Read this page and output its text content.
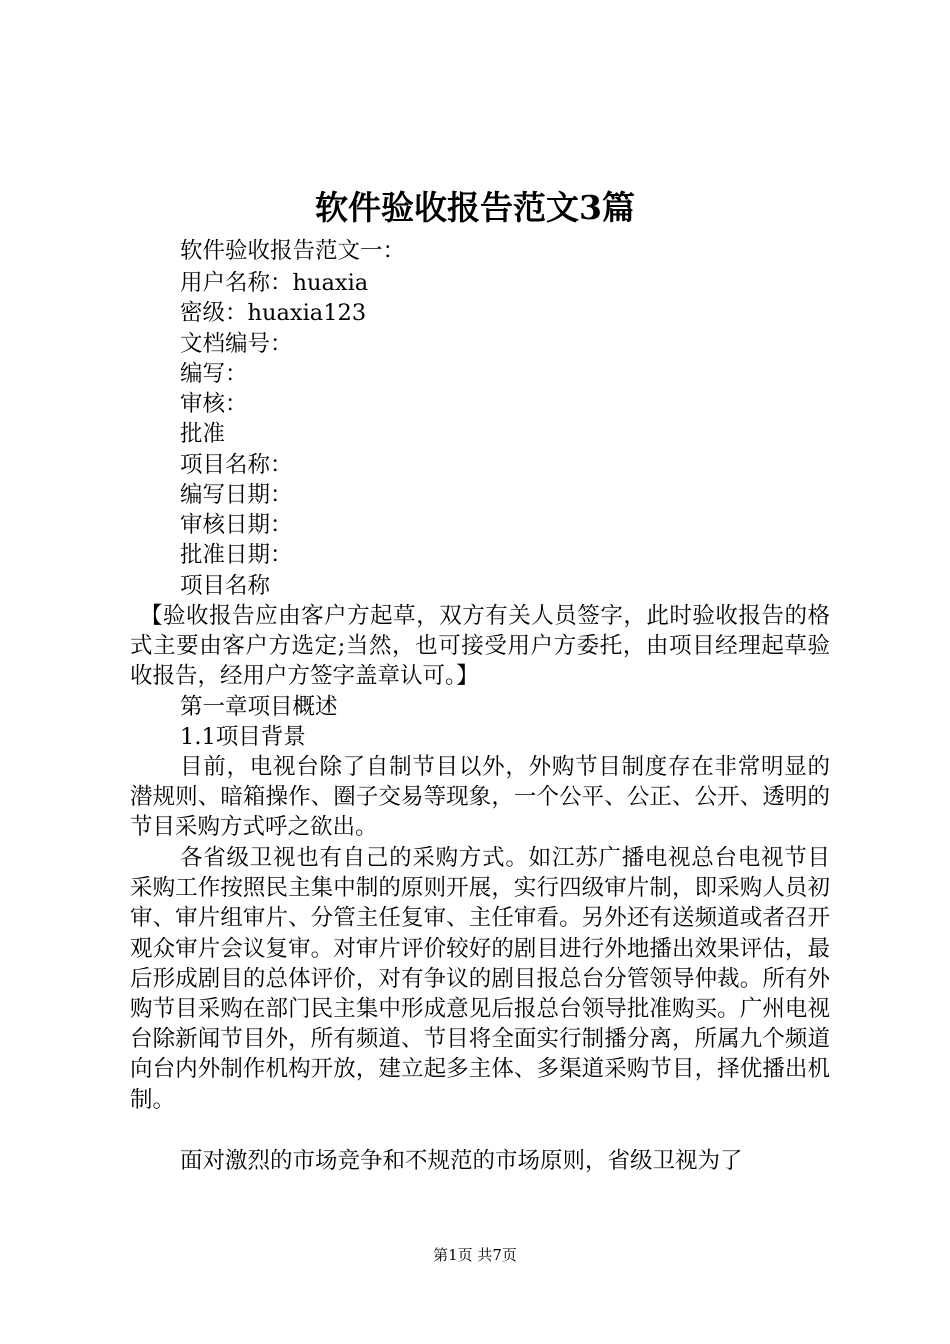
软件验收报告范文3篇

软件验收报告范文一：

用户名称：huaxia

密级：huaxia123

文档编号：

编写：

审核：

批准

项目名称：

编写日期：

审核日期：

批准日期：

项目名称

【验收报告应由客户方起草，双方有关人员签字，此时验收报告的格式主要由客户方选定;当然，也可接受用户方委托，由项目经理起草验收报告，经用户方签字盖章认可。】

第一章项目概述

1.1项目背景

目前，电视台除了自制节目以外，外购节目制度存在非常明显的潜规则、暗箱操作、圈子交易等现象，一个公平、公正、公开、透明的节目采购方式呼之欲出。

各省级卫视也有自己的采购方式。如江苏广播电视总台电视节目采购工作按照民主集中制的原则开展，实行四级审片制，即采购人员初审、审片组审片、分管主任复审、主任审看。另外还有送频道或者召开观众审片会议复审。对审片评价较好的剧目进行外地播出效果评估，最后形成剧目的总体评价，对有争议的剧目报总台分管领导仲裁。所有外购节目采购在部门民主集中形成意见后报总台领导批准购买。广州电视台除新闻节目外，所有频道、节目将全面实行制播分离，所属九个频道向台内外制作机构开放，建立起多主体、多渠道采购节目，择优播出机制。

面对激烈的市场竞争和不规范的市场原则，省级卫视为了

第1页 共7页
